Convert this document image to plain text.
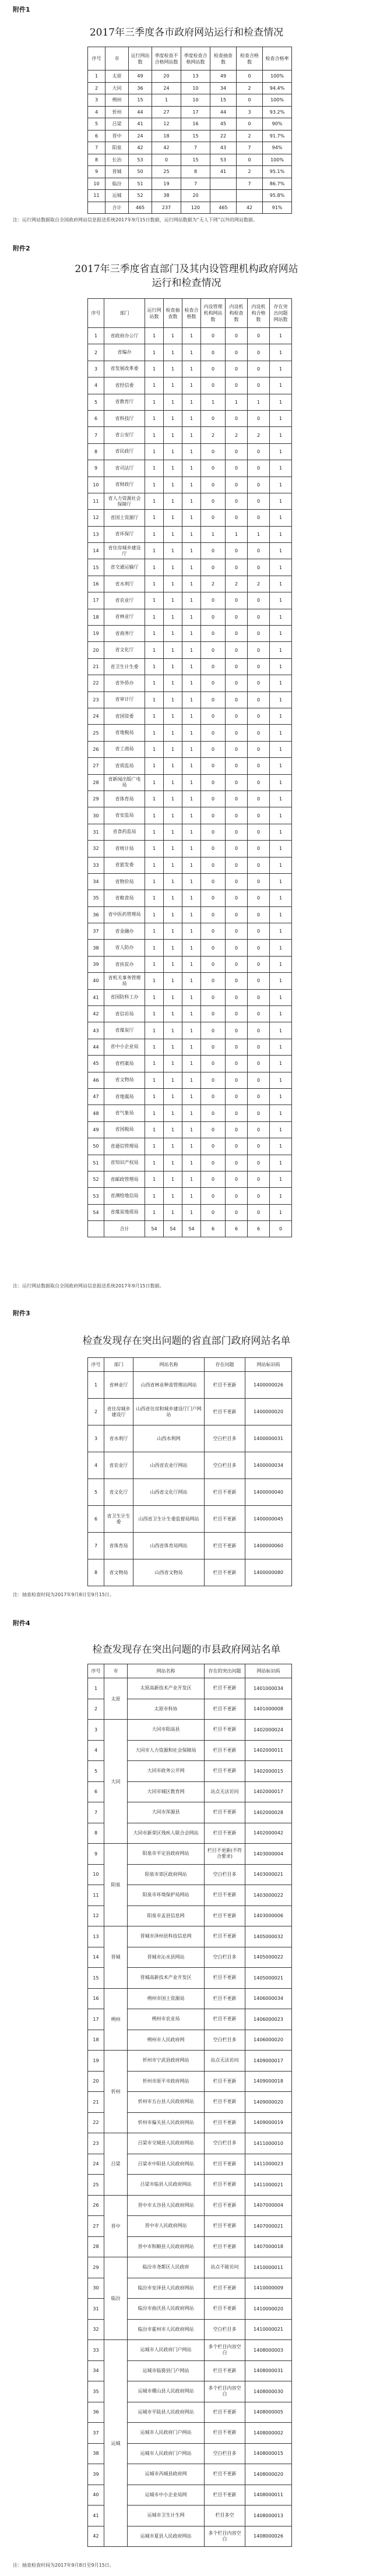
附件1
2017年三季度各市政府网站运行和检查情况
序号	市	运行网站数	季度检查不合格网站数	季度检查合格网站数	检查抽查数	检查合格数	检查合格率
1	太原	49	20	13	49	0	100%
2	大同	36	24	10	34	2	94.4%
3	朔州	15	1	10	15	0	100%
4	忻州	44	27	17	44	3	93.2%
5	吕梁	41	12	16	45	0	90%
6	晋中	24	18	15	22	2	91.7%
7	阳泉	42	42	7	43	7	94%
8	长治	53	0	15	53	0	100%
9	晋城	50	25	8	41	2	95.1%
10	临汾	51	19	7		7	86.7%
11	运城	52	38	20			95.8%
	合计	465	237	120	465	42	91%
注：运行网站数据取自全国政府网站信息报送系统2017年9月15日数据，运行网站数据为“无人下网”以外的网站数据。
附件2
2017年三季度省直部门及其内设管理机构政府网站
运行和检查情况
序号	部门	运行网站数	检查抽查数	检查合格数	内设管理机构网站数	内设机构检查数	内设机构合格数	存在突出问题网站数
1	省政府办公厅	1	1	1	0	0	0	1
2	省编办	1	1	1	0	0	0	1
3	省发展改革委	1	1	1	0	0	0	1
4	省经信委	1	1	1	0	0	0	1
5	省教育厅	1	1	1	1	1	1	1
6	省科技厅	1	1	1	0	0	0	1
7	省公安厅	1	1	1	2	2	2	1
8	省民政厅	1	1	1	0	0	0	1
9	省司法厅	1	1	1	0	0	0	1
10	省财政厅	1	1	1	0	0	0	1
11	省人力资源社会保障厅	1	1	1	0	0	0	1
12	省国土资源厅	1	1	1	0	0	0	1
13	省环保厅	1	1	1	1	1	1	1
14	省住房城乡建设厅	1	1	1	0	0	0	1
15	省交通运输厅	1	1	1	0	0	0	1
16	省水利厅	1	1	1	2	2	2	1
17	省农业厅	1	1	1	0	0	0	1
18	省林业厅	1	1	1	0	0	0	1
19	省商务厅	1	1	1	0	0	0	1
20	省文化厅	1	1	1	0	0	0	1
21	省卫生计生委	1	1	1	0	0	0	1
22	省外侨办	1	1	1	0	0	0	1
23	省审计厅	1	1	1	0	0	0	1
24	省国资委	1	1	1	0	0	0	1
25	省地税局	1	1	1	0	0	0	1
26	省工商局	1	1	1	0	0	0	1
27	省质监局	1	1	1	0	0	0	1
28	省新闻出版广电局	1	1	1	0	0	0	1
29	省体育局	1	1	1	0	0	0	1
30	省安监局	1	1	1	0	0	0	1
31	省食药监局	1	1	1	0	0	0	1
32	省统计局	1	1	1	0	0	0	1
33	省旅发委	1	1	1	0	0	0	1
34	省物价局	1	1	1	0	0	0	1
35	省粮食局	1	1	1	0	0	0	1
36	省中医药管理局	1	1	1	0	0	0	1
37	省金融办	1	1	1	0	0	0	1
38	省人防办	1	1	1	0	0	0	1
39	省扶贫办	1	1	1	0	0	0	1
40	省机关事务管理局	1	1	1	0	0	0	1
41	省国防科工办	1	1	1	0	0	0	1
42	省信访局	1	1	1	0	0	0	1
43	省煤炭厅	1	1	1	0	0	0	1
44	省中小企业局	1	1	1	0	0	0	1
45	省档案局	1	1	1	0	0	0	1
46	省文物局	1	1	1	0	0	0	1
47	省地震局	1	1	1	0	0	0	1
48	省气象局	1	1	1	0	0	0	1
49	省国税局	1	1	1	0	0	0	1
50	省通信管理局	1	1	1	0	0	0	1
51	省知识产权局	1	1	1	0	0	0	1
52	省邮政管理局	1	1	1	0	0	0	1
53	省测绘地信局	1	1	1	0	0	0	1
54	省煤炭地质局	1	1	1	0	0	0	1
	合计	54	54	54	6	6	6	0
注：运行网站数据取自全国政府网站信息报送系统2017年9月15日数据。
附件3
检查发现存在突出问题的省直部门政府网站名单
序号	部门	网站名称	存在问题	网站标识码
1	省林业厅	山西省林业种苗管理站网站	栏目不更新	1400000026
2	省住房城乡建设厅	山西省住房和城乡建设厅门户网站	栏目不更新	1400000020
3	省水利厅	山西水利网	空白栏目多	1400000031
4	省农业厅	山西省农业厅网站	空白栏目多	1400000034
5	省文化厅	山西省文化厅网站	栏目不更新	1400000040
6	省卫生计生委	山西省卫生计生委监督局网站	栏目不更新	1400000045
7	省体育局	山西省体育局网站	栏目不更新	1400000060
8	省文物局	山西省文物局	栏目不更新	1400000080
注：抽查检查时间为2017年9月8日至9月15日。
附件4
检查发现存在突出问题的市县政府网站名单
序号	市	网站名称	存在的突出问题	网站标识码
1	太原	太原高新技术产业开发区	栏目不更新	1401000034
2		太原市科协	栏目不更新	1401000008
3	大同	大同市阳高县	栏目不更新	1402000024
4		大同市人力资源和社会保障局	栏目不更新	1402000011
5		大同市政务公开网	栏目不更新	1402000015
6		大同市城区教育网	站点无法访问	1402000017
7		大同市浑源县	栏目不更新	1402000028
8		大同市新荣区残疾人联合会网站	栏目不更新	1402000042
9	阳泉	阳泉市平定县政府网站	栏目不更新(不符合要求)	1403000004
10		阳泉市郊区政府网站	空白栏目多	1403000021
11		阳泉市环境保护局网站	栏目不更新	1403000022
12		阳泉市盂县信息网	栏目不更新	1403000006
13	晋城	晋城市泽州县科技信息网	栏目不更新	1405000032
14		晋城市沁水县网站	空白栏目多	1405000022
15		晋城高新技术产业开发区	栏目不更新	1405000021
16	朔州	朔州市国土资源局	栏目不更新	1406000034
17		朔州市农业局	栏目不更新	1406000023
18		朔州市人民政府网	空白栏目多	1406000020
19	忻州	忻州市宁武县政府网站	站点无法访问	1409000017
20		忻州市原平市政府网站	栏目不更新	1409000018
21		忻州市五台县人民政府网站	栏目不更新	1409000020
22		忻州市偏关县人民政府网站	栏目不更新	1409000019
23	吕梁	吕梁市交城县人民政府网站	空白栏目多	1411000010
24		吕梁市中阳县人民政府网站	栏目不更新	1411000023
25		吕梁市临县人民政府网站	栏目不更新	1411000021
26	晋中	晋中市太谷县人民政府网站	栏目不更新	1407000004
27		晋中市人民政府网站	栏目不更新	1407000021
28		晋中市和顺县人民政府网站	栏目不更新	1407000018
29	临汾	临汾市尧都区人民政府	站点不能访问	1410000011
30		临汾市安泽县人民政府网站	栏目不更新	1410000009
31		临汾市曲沃县人民政府网站	栏目不更新	1410000020
32		临汾市霍州市人民政府网站	空白栏目多	1410000021
33	运城	运城市人民政府门户网站	多个栏目内容空白	1408000003
34		运城市临猗县门户网站	栏目不更新	1408000031
35		运城市稷山县人民政府网站	多个栏目内容空白	1408000030
36		运城市平陆县人民政府网站	栏目不更新	1408000005
37		运城市人民政府门户网站	栏目不更新	1408000002
38		运城市人民政府门户网站	空白栏目多	1408000015
39		运城市芮城县政府网	栏目不更新	1408000020
40		运城市中小企业局网	栏目不更新	1408000011
41		运城市卫生计生网	栏目多空	1408000013
42		运城市夏县人民政府网站	多个栏目内容空白	1408000026
注：抽查检查时间为2017年9月8日至9月15日。
